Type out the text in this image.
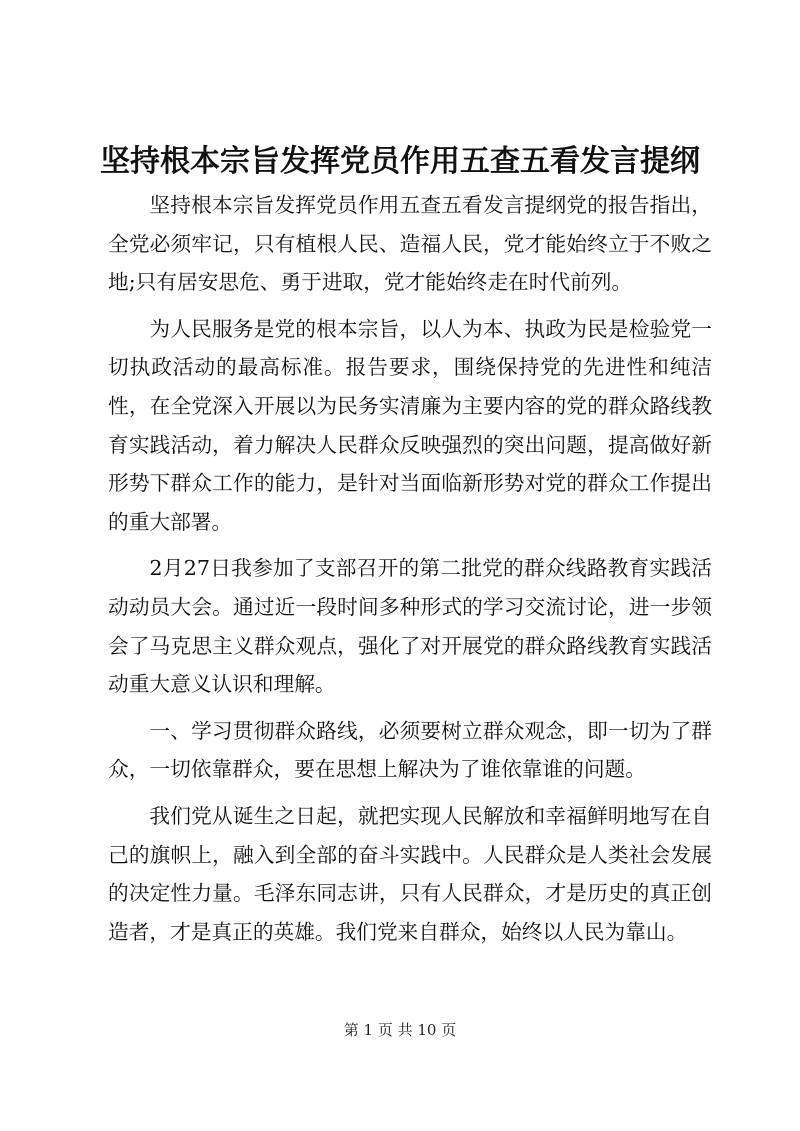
坚持根本宗旨发挥党员作用五查五看发言提纲

坚持根本宗旨发挥党员作用五查五看发言提纲党的报告指出，全党必须牢记，只有植根人民、造福人民，党才能始终立于不败之地;只有居安思危、勇于进取，党才能始终走在时代前列。

为人民服务是党的根本宗旨，以人为本、执政为民是检验党一切执政活动的最高标准。报告要求，围绕保持党的先进性和纯洁性，在全党深入开展以为民务实清廉为主要内容的党的群众路线教育实践活动，着力解决人民群众反映强烈的突出问题，提高做好新形势下群众工作的能力，是针对当面临新形势对党的群众工作提出的重大部署。

2月27日我参加了支部召开的第二批党的群众线路教育实践活动动员大会。通过近一段时间多种形式的学习交流讨论，进一步领会了马克思主义群众观点，强化了对开展党的群众路线教育实践活动重大意义认识和理解。

一、学习贯彻群众路线，必须要树立群众观念，即一切为了群众，一切依靠群众，要在思想上解决为了谁依靠谁的问题。

我们党从诞生之日起，就把实现人民解放和幸福鲜明地写在自己的旗帜上，融入到全部的奋斗实践中。人民群众是人类社会发展的决定性力量。毛泽东同志讲，只有人民群众，才是历史的真正创造者，才是真正的英雄。我们党来自群众，始终以人民为靠山。

第 1 页 共 10 页
